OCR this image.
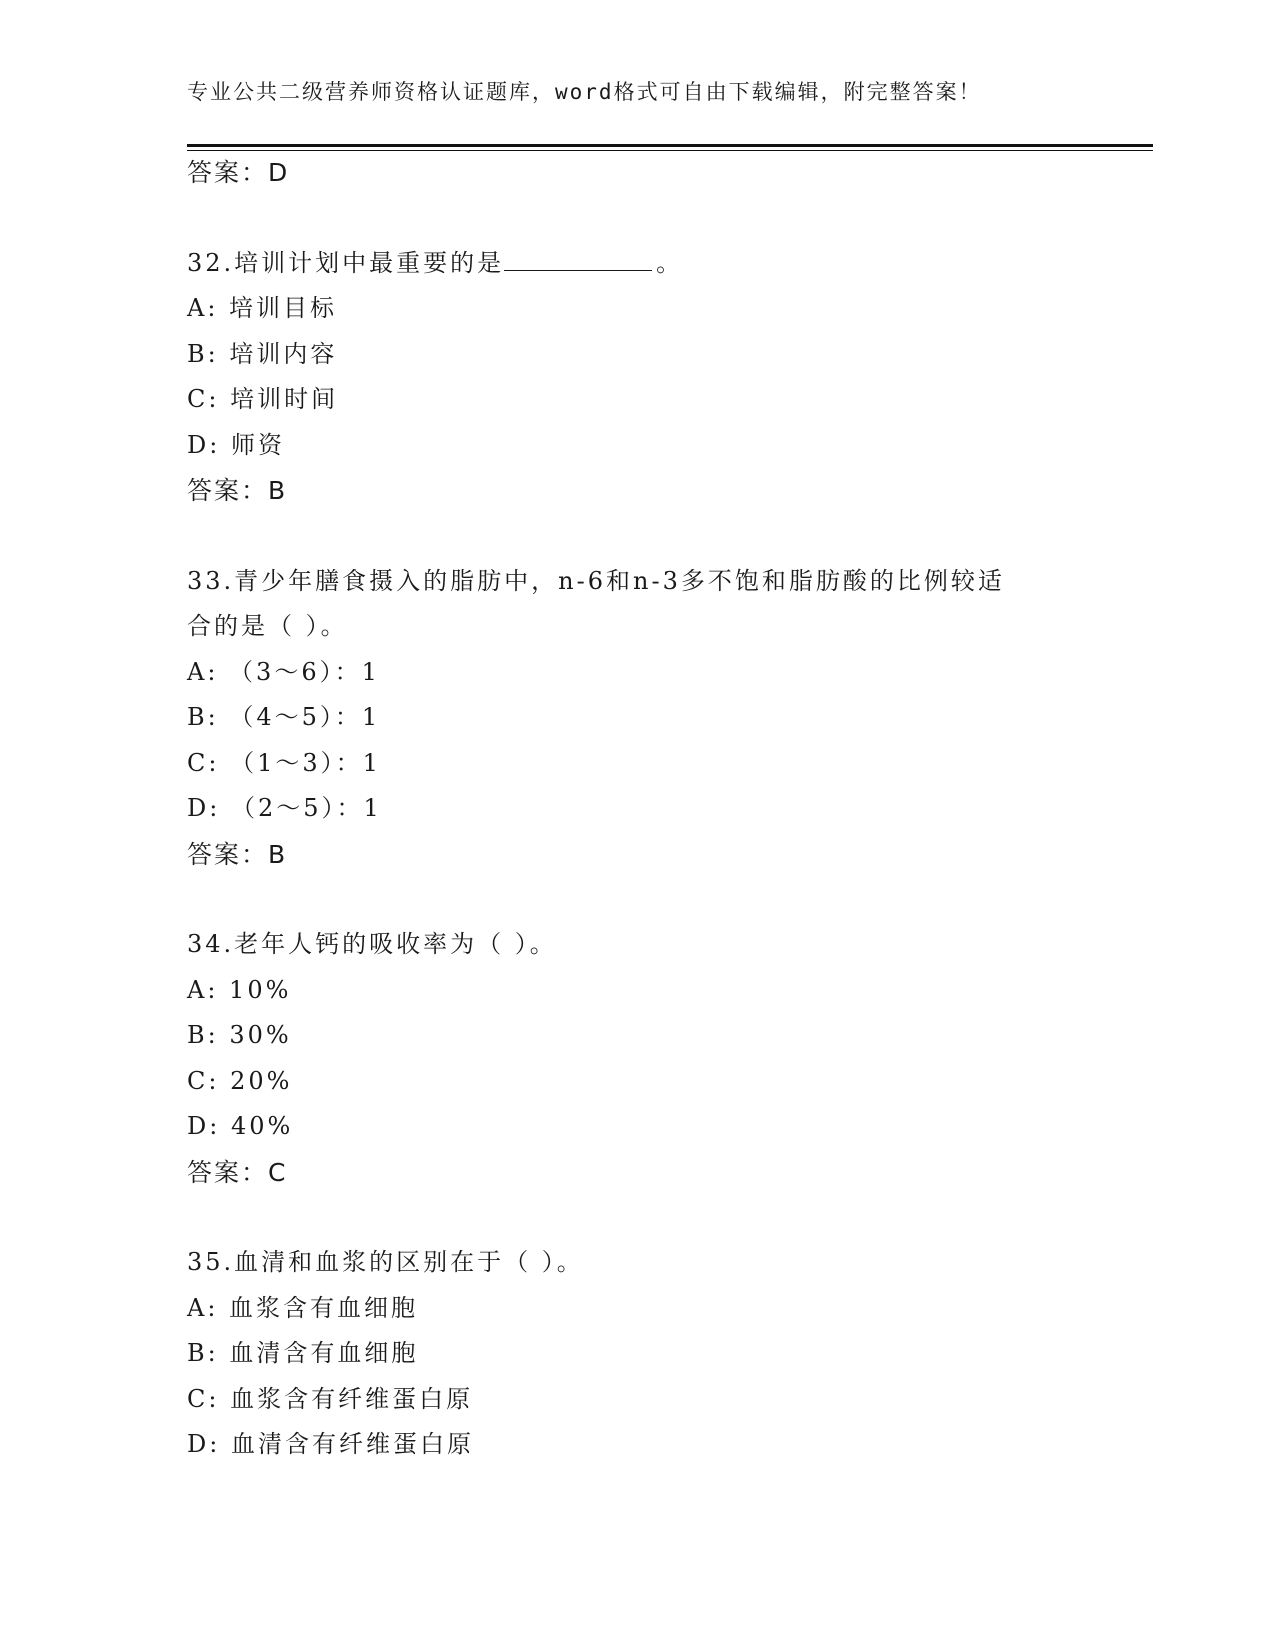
专业公共二级营养师资格认证题库，word格式可自由下载编辑，附完整答案！
答案：D
32.培训计划中最重要的是	。
A: 培训目标
B: 培训内容
C: 培训时间
D: 师资
答案：B
33.青少年膳食摄入的脂肪中，n-6和n-3多不饱和脂肪酸的比例较适
合的是（ ）。
A: （3～6）：1
B: （4～5）：1
C: （1～3）：1
D: （2～5）：1
答案：B
34.老年人钙的吸收率为（ ）。
A: 10%
B: 30%
C: 20%
D: 40%
答案：C
35.血清和血浆的区别在于（ ）。
A: 血浆含有血细胞
B: 血清含有血细胞
C: 血浆含有纤维蛋白原
D: 血清含有纤维蛋白原
